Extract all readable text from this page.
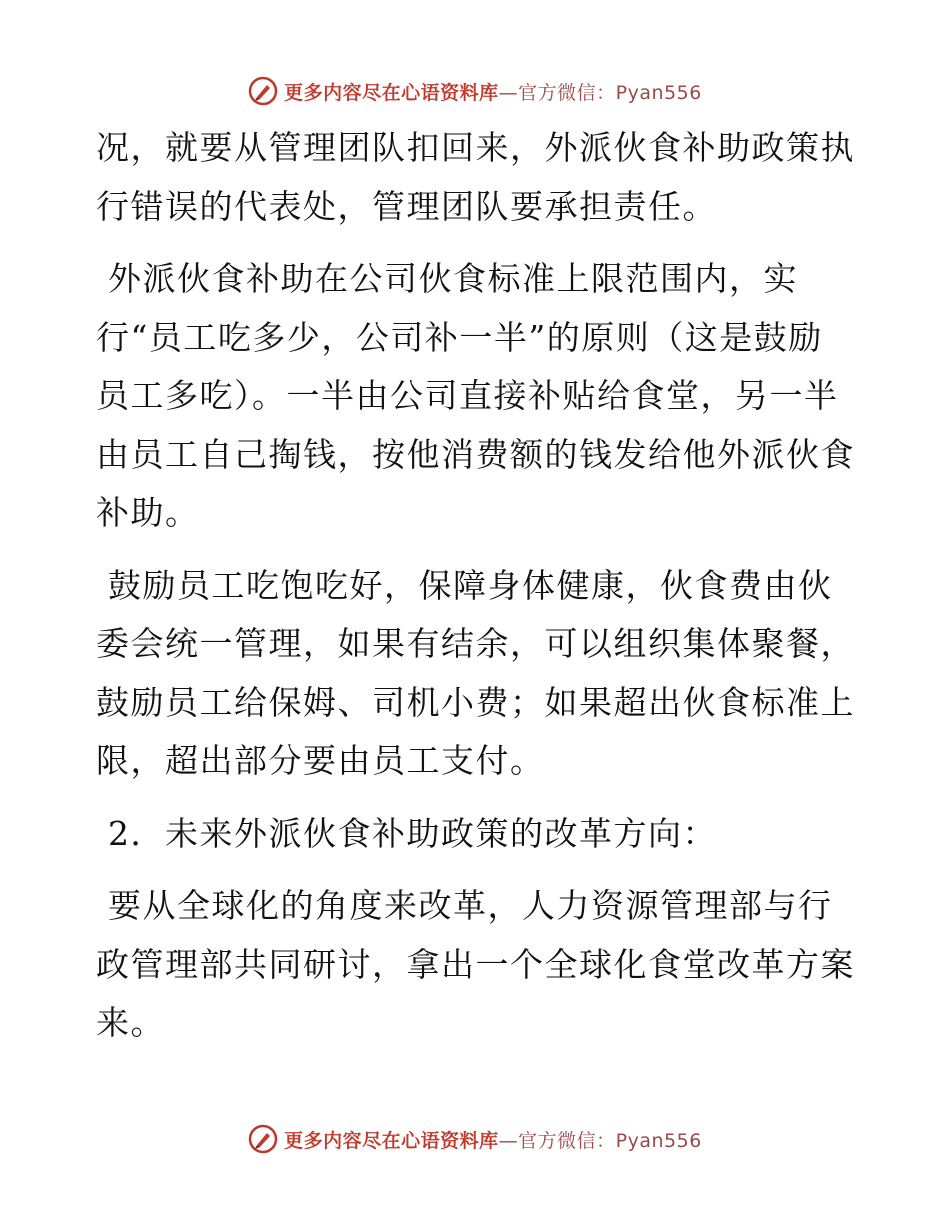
更多内容尽在心语资料库—官方微信：Pyan556

况，就要从管理团队扣回来，外派伙食补助政策执行错误的代表处，管理团队要承担责任。

外派伙食补助在公司伙食标准上限范围内，实行“员工吃多少，公司补一半”的原则（这是鼓励员工多吃）。一半由公司直接补贴给食堂，另一半由员工自己掏钱，按他消费额的钱发给他外派伙食补助。

鼓励员工吃饱吃好，保障身体健康，伙食费由伙委会统一管理，如果有结余，可以组织集体聚餐，鼓励员工给保姆、司机小费；如果超出伙食标准上限，超出部分要由员工支付。

2．未来外派伙食补助政策的改革方向：

要从全球化的角度来改革，人力资源管理部与行政管理部共同研讨，拿出一个全球化食堂改革方案来。

更多内容尽在心语资料库—官方微信：Pyan556
